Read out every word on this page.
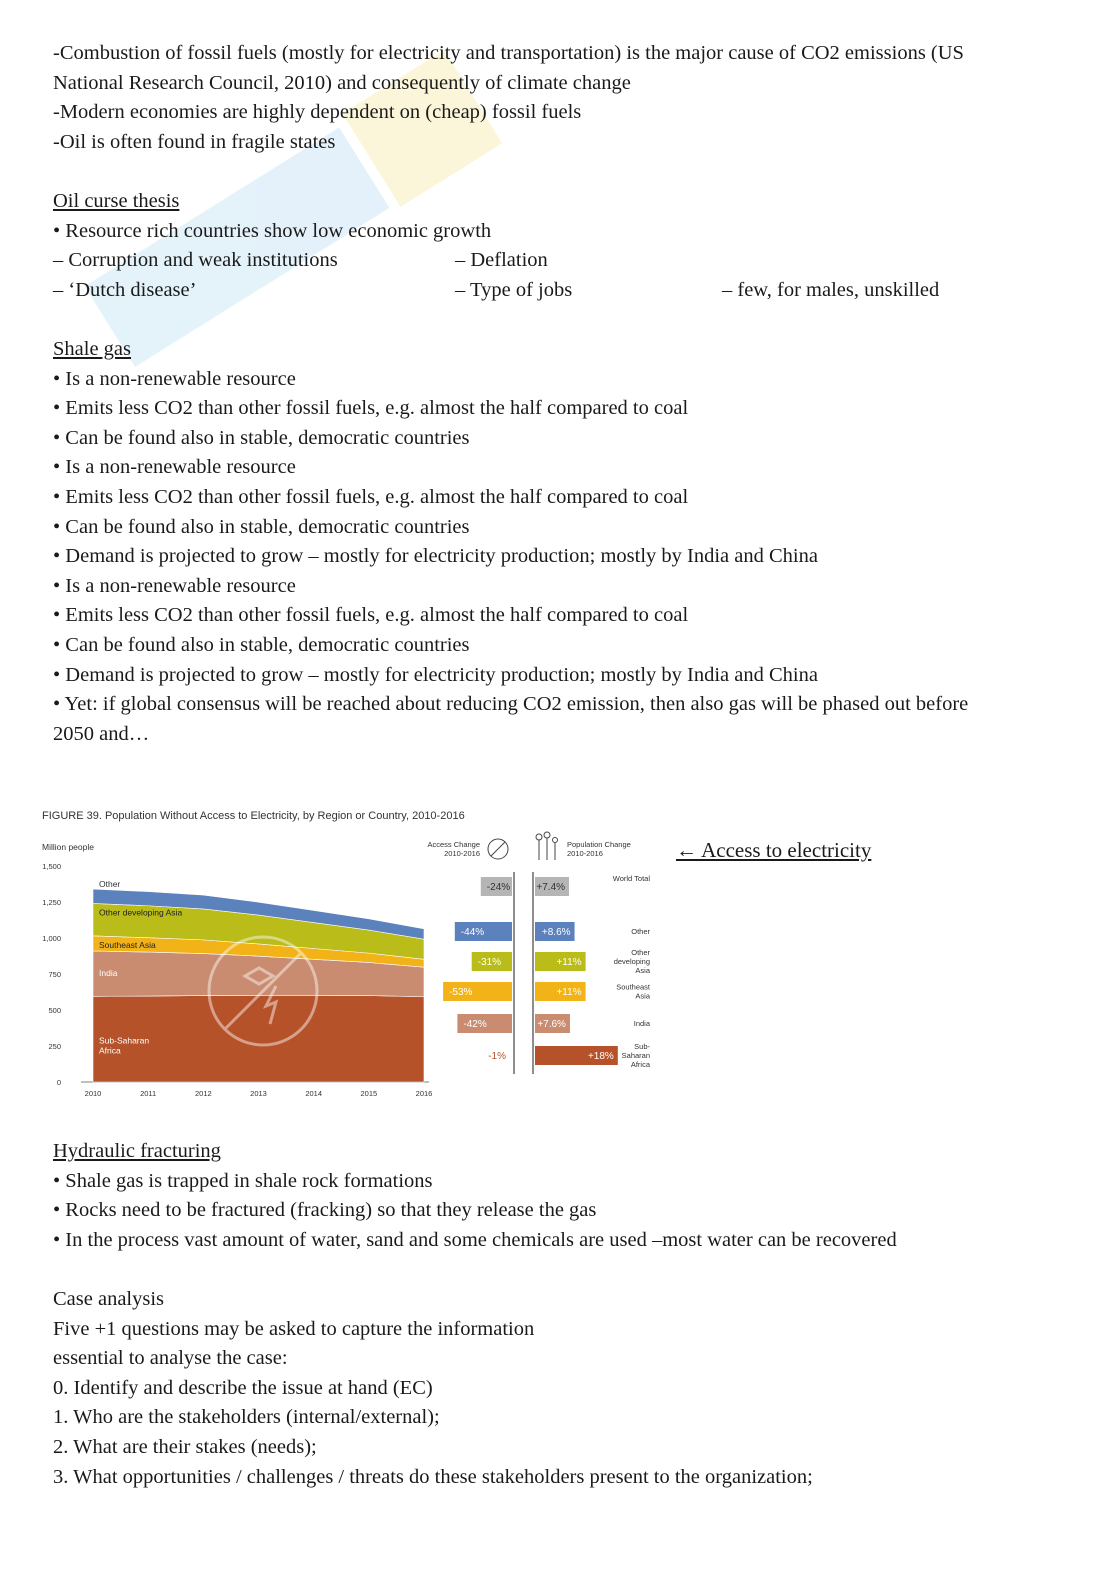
-Combustion of fossil fuels (mostly for electricity and transportation) is the major cause of CO2 emissions (US
National Research Council, 2010) and consequently of climate change
-Modern economies are highly dependent on (cheap) fossil fuels
-Oil is often found in fragile states
Oil curse thesis
• Resource rich countries show low economic growth
– Corruption and weak institutions	– Deflation
– ‘Dutch disease’	– Type of jobs	– few, for males, unskilled
Shale gas
• Is a non-renewable resource
• Emits less CO2 than other fossil fuels, e.g. almost the half compared to coal
• Can be found also in stable, democratic countries
• Is a non-renewable resource
• Emits less CO2 than other fossil fuels, e.g. almost the half compared to coal
• Can be found also in stable, democratic countries
• Demand is projected to grow – mostly for electricity production; mostly by India and China
• Is a non-renewable resource
• Emits less CO2 than other fossil fuels, e.g. almost the half compared to coal
• Can be found also in stable, democratic countries
• Demand is projected to grow – mostly for electricity production; mostly by India and China
• Yet: if global consensus will be reached about reducing CO2 emission, then also gas will be phased out before
2050 and…
FIGURE 39. Population Without Access to Electricity, by Region or Country, 2010-2016
Million people
1,500
1,250
1,000
750
500
250
0
2010	2011	2012	2013	2014	2015	2016
Sub-Saharan
Africa
India
Southeast Asia
Other developing Asia
Other
Access Change
2010-2016
Population Change
2010-2016
-24%
-44%
-31%
-53%
-42%
-1%
+7.4%
World Total
+8.6%	Other
+11%
Other
developing
Asia
+11%	Southeast
Asia
+7.6%	India
+18%
Sub-
Saharan
Africa
← Access to electricity
Hydraulic fracturing
• Shale gas is trapped in shale rock formations
• Rocks need to be fractured (fracking) so that they release the gas
• In the process vast amount of water, sand and some chemicals are used –most water can be recovered
Case analysis
Five +1 questions may be asked to capture the information
essential to analyse the case:
0. Identify and describe the issue at hand (EC)
1. Who are the stakeholders (internal/external);
2. What are their stakes (needs);
3. What opportunities / challenges / threats do these stakeholders present to the organization;
